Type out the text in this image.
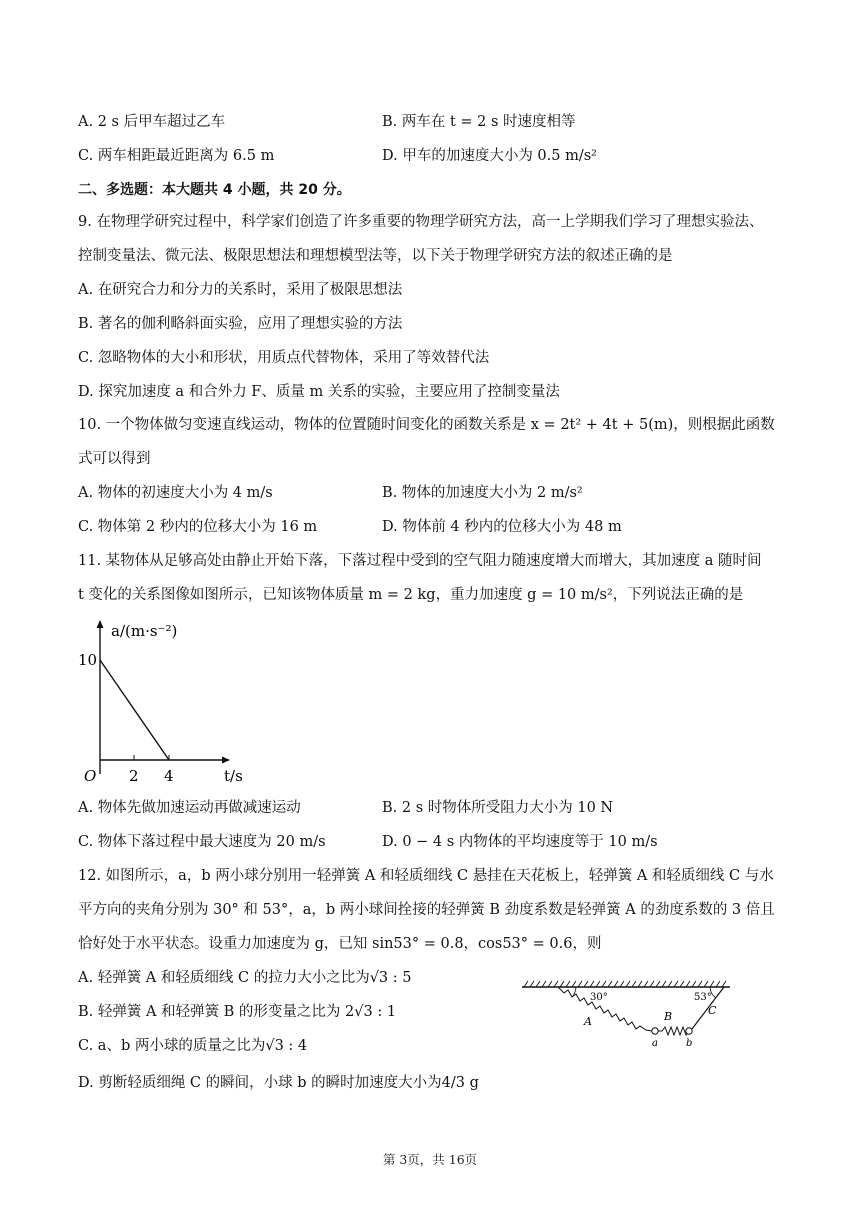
A. 2 s 后甲车超过乙车	B. 两车在 t = 2 s 时速度相等
C. 两车相距最近距离为 6.5 m	D. 甲车的加速度大小为 0.5 m/s²
二、多选题：本大题共 4 小题，共 20 分。
9. 在物理学研究过程中，科学家们创造了许多重要的物理学研究方法，高一上学期我们学习了理想实验法、
控制变量法、微元法、极限思想法和理想模型法等，以下关于物理学研究方法的叙述正确的是
A. 在研究合力和分力的关系时，采用了极限思想法
B. 著名的伽利略斜面实验，应用了理想实验的方法
C. 忽略物体的大小和形状，用质点代替物体，采用了等效替代法
D. 探究加速度 a 和合外力 F、质量 m 关系的实验，主要应用了控制变量法
10. 一个物体做匀变速直线运动，物体的位置随时间变化的函数关系是 x = 2t² + 4t + 5(m)，则根据此函数
式可以得到
A. 物体的初速度大小为 4 m/s	B. 物体的加速度大小为 2 m/s²
C. 物体第 2 秒内的位移大小为 16 m	D. 物体前 4 秒内的位移大小为 48 m
11. 某物体从足够高处由静止开始下落，下落过程中受到的空气阻力随速度增大而增大，其加速度 a 随时间
t 变化的关系图像如图所示，已知该物体质量 m = 2 kg，重力加速度 g = 10 m/s²，下列说法正确的是
a/(m·s⁻²)
10
O 2 4	t/s
A. 物体先做加速运动再做减速运动	B. 2 s 时物体所受阻力大小为 10 N
C. 物体下落过程中最大速度为 20 m/s	D. 0 − 4 s 内物体的平均速度等于 10 m/s
12. 如图所示，a，b 两小球分别用一轻弹簧 A 和轻质细线 C 悬挂在天花板上，轻弹簧 A 和轻质细线 C 与水
平方向的夹角分别为 30° 和 53°，a，b 两小球间拴接的轻弹簧 B 劲度系数是轻弹簧 A 的劲度系数的 3 倍且
恰好处于水平状态。设重力加速度为 g，已知 sin53° = 0.8，cos53° = 0.6，则
A. 轻弹簧 A 和轻质细线 C 的拉力大小之比为√3 : 5
B. 轻弹簧 A 和轻弹簧 B 的形变量之比为 2√3 : 1
C. a、b 两小球的质量之比为√3 : 4
D. 剪断轻质细绳 C 的瞬间，小球 b 的瞬时加速度大小为4/3 g
30°	53°
A	B	C
a	b
第 3页，共 16页
